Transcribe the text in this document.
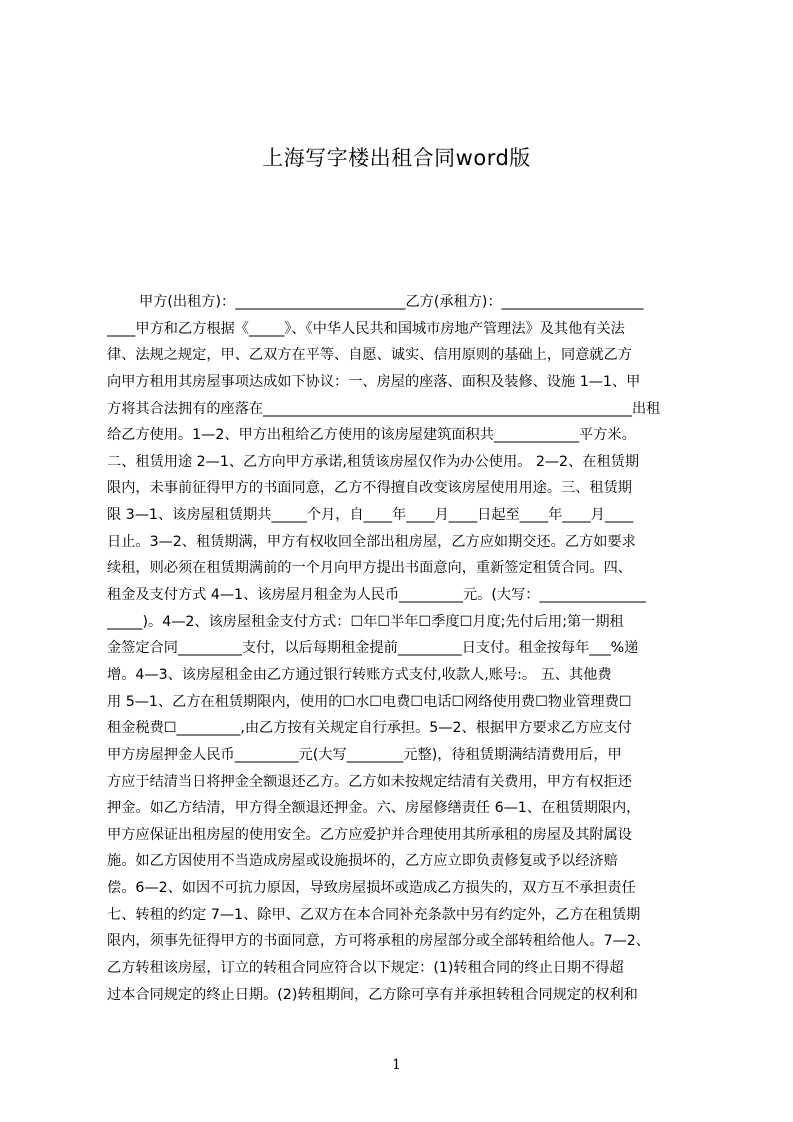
上海写字楼出租合同word版
甲方(出租方)：________________________乙方(承租方)：____________________
____甲方和乙方根据《_____》、《中华人民共和国城市房地产管理法》及其他有关法
律、法规之规定，甲、乙双方在平等、自愿、诚实、信用原则的基础上，同意就乙方
向甲方租用其房屋事项达成如下协议：一、房屋的座落、面积及装修、设施 1—1、甲
方将其合法拥有的座落在____________________________________________________出租
给乙方使用。1—2、甲方出租给乙方使用的该房屋建筑面积共____________平方米。
二、租赁用途 2—1、乙方向甲方承诺,租赁该房屋仅作为办公使用。 2—2、在租赁期
限内，未事前征得甲方的书面同意，乙方不得擅自改变该房屋使用用途。三、租赁期
限 3—1、该房屋租赁期共_____个月，自____年____月____日起至____年____月____
日止。3—2、租赁期满，甲方有权收回全部出租房屋，乙方应如期交还。乙方如要求
续租，则必须在租赁期满前的一个月向甲方提出书面意向，重新签定租赁合同。四、
租金及支付方式 4—1、该房屋月租金为人民币_________元。(大写：_______________
_____)。4—2、该房屋租金支付方式：☐年☐半年☐季度☐月度;先付后用;第一期租
金签定合同_________支付，以后每期租金提前_________日支付。租金按每年___%递
增。4—3、该房屋租金由乙方通过银行转账方式支付,收款人,账号:。 五、其他费
用 5—1、乙方在租赁期限内，使用的☐水☐电费☐电话☐网络使用费☐物业管理费☐
租金税费☐_________,由乙方按有关规定自行承担。5—2、根据甲方要求乙方应支付
甲方房屋押金人民币_________元(大写________元整)，待租赁期满结清费用后，甲
方应于结清当日将押金全额退还乙方。乙方如未按规定结清有关费用，甲方有权拒还
押金。如乙方结清，甲方得全额退还押金。六、房屋修缮责任 6—1、在租赁期限内，
甲方应保证出租房屋的使用安全。乙方应爱护并合理使用其所承租的房屋及其附属设
施。如乙方因使用不当造成房屋或设施损坏的，乙方应立即负责修复或予以经济赔
偿。6—2、如因不可抗力原因，导致房屋损坏或造成乙方损失的，双方互不承担责任
七、转租的约定 7—1、除甲、乙双方在本合同补充条款中另有约定外，乙方在租赁期
限内，须事先征得甲方的书面同意，方可将承租的房屋部分或全部转租给他人。7—2、
乙方转租该房屋，订立的转租合同应符合以下规定：(1)转租合同的终止日期不得超
过本合同规定的终止日期。(2)转租期间，乙方除可享有并承担转租合同规定的权利和
1
